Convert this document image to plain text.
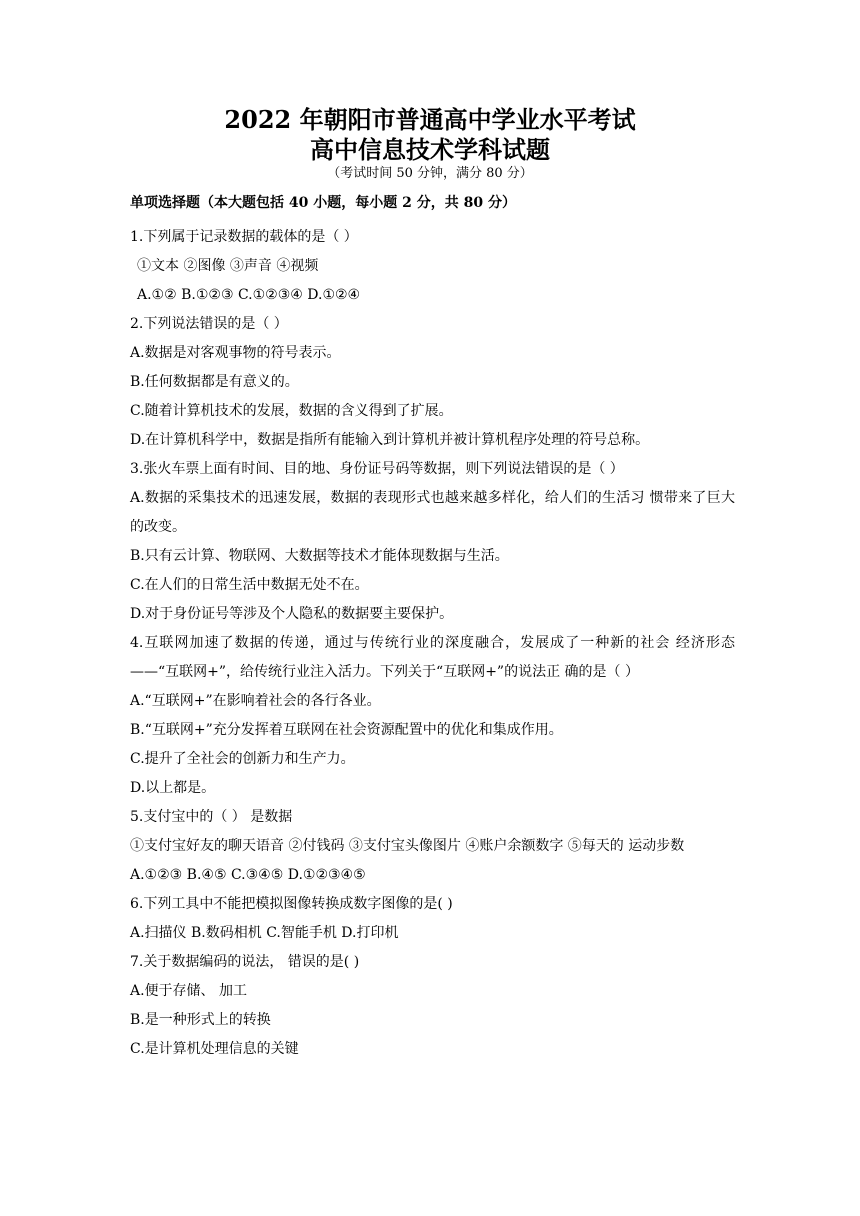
2022 年朝阳市普通高中学业水平考试
高中信息技术学科试题
（考试时间 50 分钟，满分 80 分）
单项选择题（本大题包括 40 小题，每小题 2 分，共 80 分）
1.下列属于记录数据的载体的是（ ）
①文本 ②图像 ③声音 ④视频
A.①② B.①②③ C.①②③④ D.①②④
2.下列说法错误的是（ ）
A.数据是对客观事物的符号表示。
B.任何数据都是有意义的。
C.随着计算机技术的发展，数据的含义得到了扩展。
D.在计算机科学中，数据是指所有能输入到计算机并被计算机程序处理的符号总称。
3.张火车票上面有时间、目的地、身份证号码等数据，则下列说法错误的是（ ）
A.数据的采集技术的迅速发展，数据的表现形式也越来越多样化，给人们的生活习 惯带来了巨大的改变。
B.只有云计算、物联网、大数据等技术才能体现数据与生活。
C.在人们的日常生活中数据无处不在。
D.对于身份证号等涉及个人隐私的数据要主要保护。
4.互联网加速了数据的传递，通过与传统行业的深度融合，发展成了一种新的社会 经济形态——“互联网+”，给传统行业注入活力。下列关于“互联网+”的说法正 确的是（ ）
A.“互联网+”在影响着社会的各行各业。
B.“互联网+”充分发挥着互联网在社会资源配置中的优化和集成作用。
C.提升了全社会的创新力和生产力。
D.以上都是。
5.支付宝中的（ ） 是数据
①支付宝好友的聊天语音 ②付钱码 ③支付宝头像图片 ④账户余额数字 ⑤每天的 运动步数
A.①②③ B.④⑤ C.③④⑤ D.①②③④⑤
6.下列工具中不能把模拟图像转换成数字图像的是( )
A.扫描仪 B.数码相机 C.智能手机 D.打印机
7.关于数据编码的说法， 错误的是( )
A.便于存储、 加工
B.是一种形式上的转换
C.是计算机处理信息的关键
